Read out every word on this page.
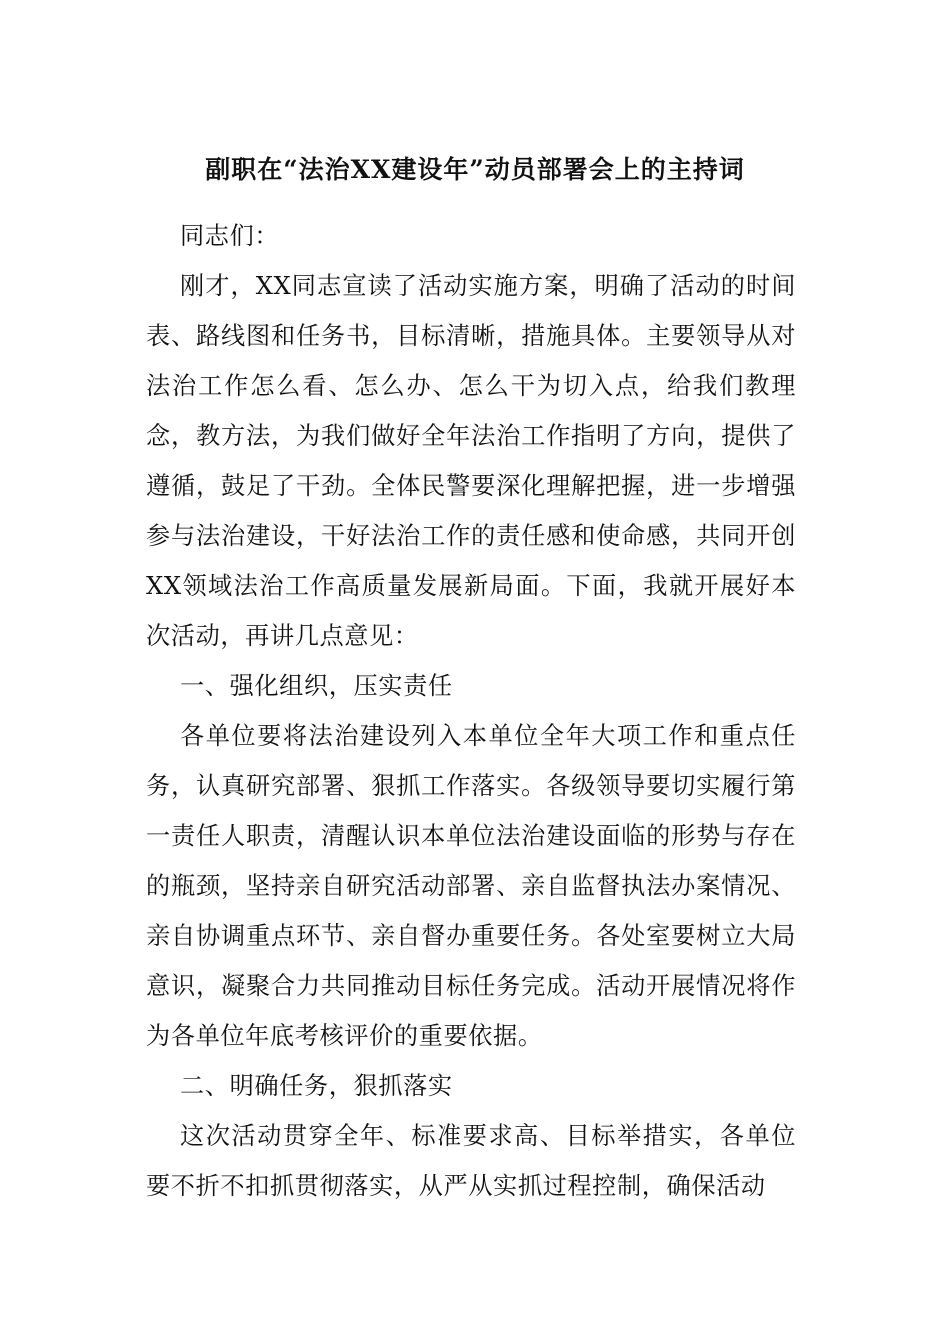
副职在“法治XX建设年”动员部署会上的主持词

同志们：

刚才，XX同志宣读了活动实施方案，明确了活动的时间表、路线图和任务书，目标清晰，措施具体。主要领导从对法治工作怎么看、怎么办、怎么干为切入点，给我们教理念，教方法，为我们做好全年法治工作指明了方向，提供了遵循，鼓足了干劲。全体民警要深化理解把握，进一步增强参与法治建设，干好法治工作的责任感和使命感，共同开创XX领域法治工作高质量发展新局面。下面，我就开展好本次活动，再讲几点意见：

一、强化组织，压实责任

各单位要将法治建设列入本单位全年大项工作和重点任务，认真研究部署、狠抓工作落实。各级领导要切实履行第一责任人职责，清醒认识本单位法治建设面临的形势与存在的瓶颈，坚持亲自研究活动部署、亲自监督执法办案情况、亲自协调重点环节、亲自督办重要任务。各处室要树立大局意识，凝聚合力共同推动目标任务完成。活动开展情况将作为各单位年底考核评价的重要依据。

二、明确任务，狠抓落实

这次活动贯穿全年、标准要求高、目标举措实，各单位要不折不扣抓贯彻落实，从严从实抓过程控制，确保活动
